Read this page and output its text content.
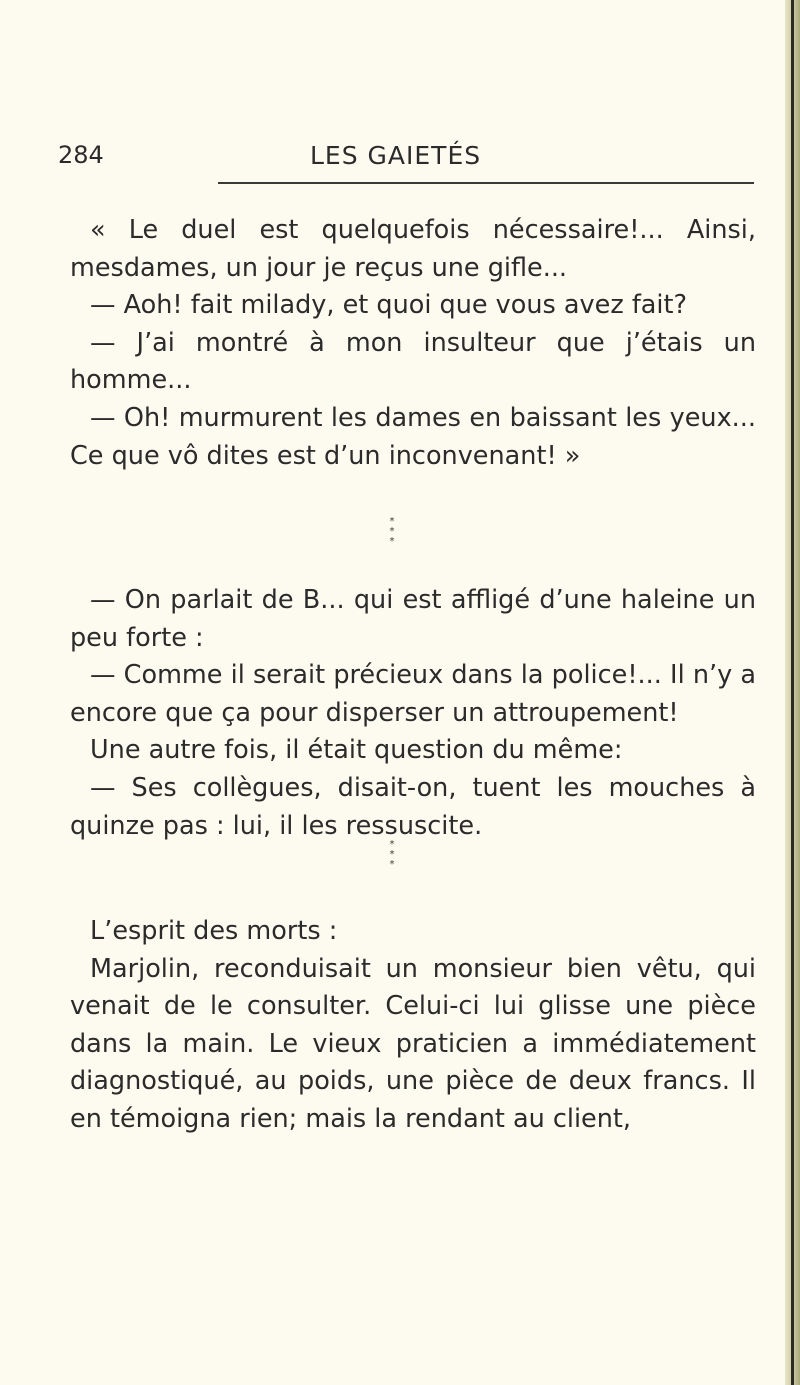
284	LES GAIETÉS

« Le duel est quelquefois nécessaire!... Ainsi, mesdames, un jour je reçus une gifle...

— Aoh! fait milady, et quoi que vous avez fait?

— J’ai montré à mon insulteur que j’étais un homme...

— Oh! murmurent les dames en baissant les yeux... Ce que vô dites est d’un inconvenant! »

*
* *

— On parlait de B... qui est affligé d’une haleine un peu forte :

— Comme il serait précieux dans la police!... Il n’y a encore que ça pour disperser un attroupement!

Une autre fois, il était question du même:

— Ses collègues, disait-on, tuent les mouches à quinze pas : lui, il les ressuscite.

*
* *

L’esprit des morts :

Marjolin, reconduisait un monsieur bien vêtu, qui venait de le consulter. Celui-ci lui glisse une pièce dans la main. Le vieux praticien a immédiatement diagnostiqué, au poids, une pièce de deux francs. Il en témoigna rien; mais la rendant au client,
